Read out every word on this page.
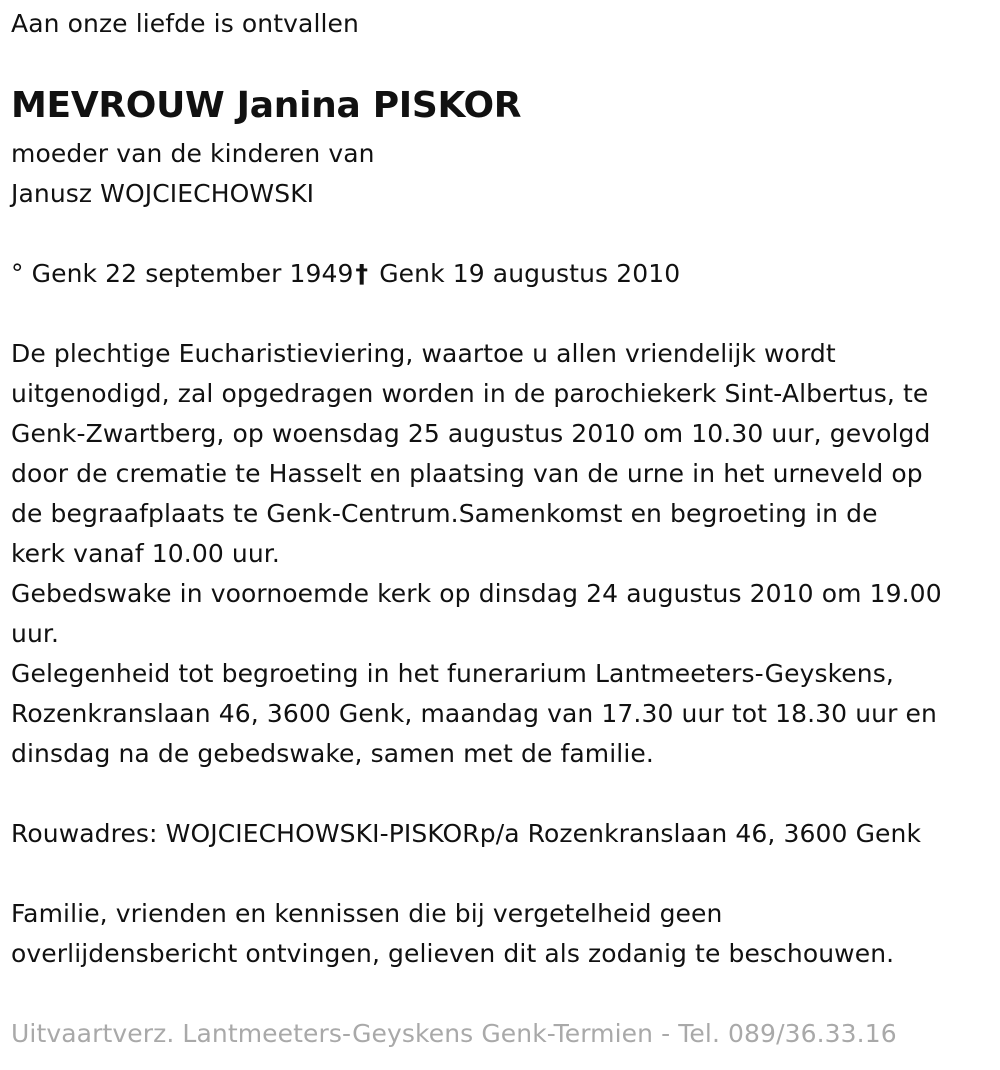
Aan onze liefde is ontvallen
MEVROUW Janina PISKOR
moeder van de kinderen van
Janusz WOJCIECHOWSKI
° Genk 22 september 1949† Genk 19 augustus 2010
De plechtige Eucharistieviering, waartoe u allen vriendelijk wordt
uitgenodigd, zal opgedragen worden in de parochiekerk Sint-Albertus, te
Genk-Zwartberg, op woensdag 25 augustus 2010 om 10.30 uur, gevolgd
door de crematie te Hasselt en plaatsing van de urne in het urneveld op
de begraafplaats te Genk-Centrum.Samenkomst en begroeting in de
kerk vanaf 10.00 uur.
Gebedswake in voornoemde kerk op dinsdag 24 augustus 2010 om 19.00
uur.
Gelegenheid tot begroeting in het funerarium Lantmeeters-Geyskens,
Rozenkranslaan 46, 3600 Genk, maandag van 17.30 uur tot 18.30 uur en
dinsdag na de gebedswake, samen met de familie.
Rouwadres: WOJCIECHOWSKI-PISKORp/a Rozenkranslaan 46, 3600 Genk
Familie, vrienden en kennissen die bij vergetelheid geen
overlijdensbericht ontvingen, gelieven dit als zodanig te beschouwen.
Uitvaartverz. Lantmeeters-Geyskens Genk-Termien - Tel. 089/36.33.16
